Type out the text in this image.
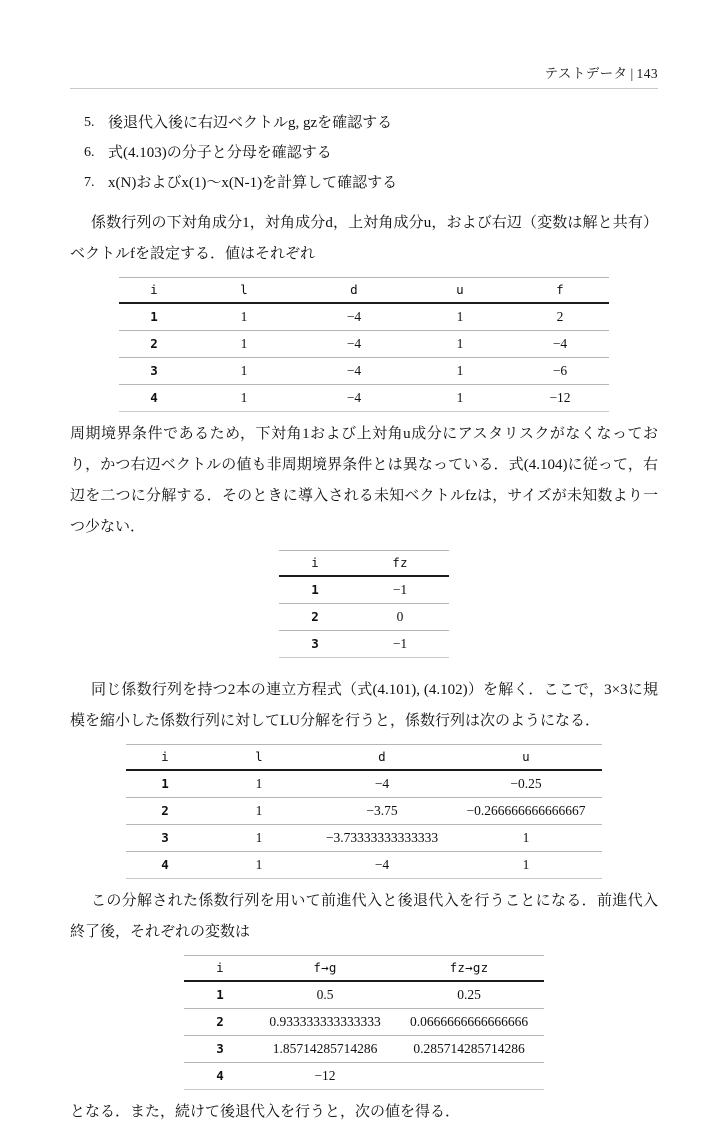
テストデータ | 143
5. 後退代入後に右辺ベクトルg, gzを確認する
6. 式(4.103)の分子と分母を確認する
7. x(N)およびx(1)〜x(N-1)を計算して確認する

係数行列の下対角成分1，対角成分d，上対角成分u，および右辺（変数は解と共有）ベクトルfを設定する．値はそれぞれ

i	l	d	u	f
1	1	−4	1	2
2	1	−4	1	−4
3	1	−4	1	−6
4	1	−4	1	−12

周期境界条件であるため，下対角1および上対角u成分にアスタリスクがなくなっており，かつ右辺ベクトルの値も非周期境界条件とは異なっている．式(4.104)に従って，右辺を二つに分解する．そのときに導入される未知ベクトルfzは，サイズが未知数より一つ少ない．

i	fz
1	−1
2	0
3	−1

同じ係数行列を持つ2本の連立方程式（式(4.101), (4.102)）を解く．ここで，3×3に規模を縮小した係数行列に対してLU分解を行うと，係数行列は次のようになる．

i	l	d	u
1	1	−4	−0.25
2	1	−3.75	−0.266666666666667
3	1	−3.73333333333333	1
4	1	−4	1

この分解された係数行列を用いて前進代入と後退代入を行うことになる．前進代入終了後，それぞれの変数は

i	f→g	fz→gz
1	0.5	0.25
2	0.933333333333333	0.0666666666666666
3	1.85714285714286	0.285714285714286
4	−12	

となる．また，続けて後退代入を行うと，次の値を得る．
